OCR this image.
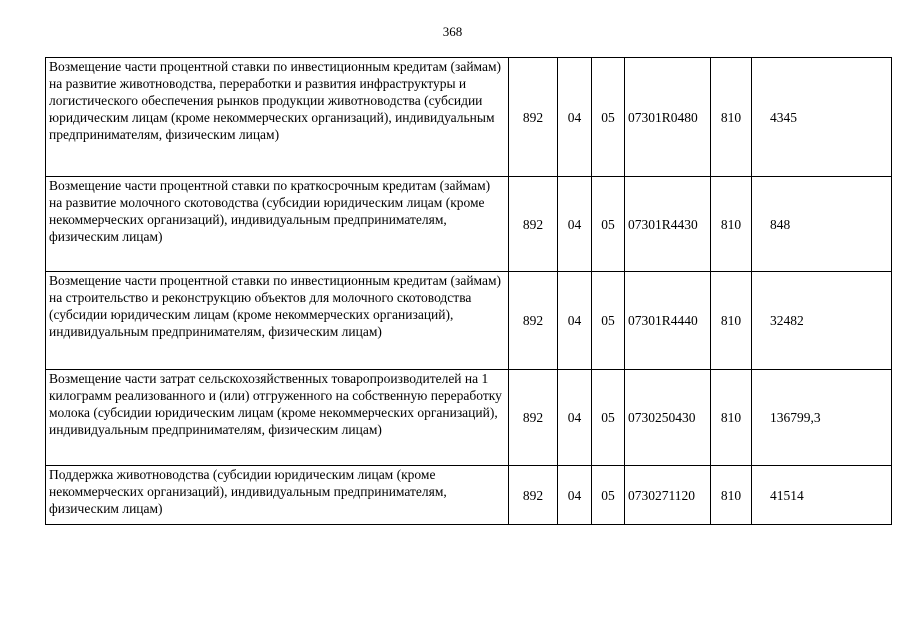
368
Возмещение части процентной ставки по инвестиционным кредитам (займам) на развитие животноводства, переработки и развития инфраструктуры и логистического обеспечения рынков продукции животноводства (субсидии юридическим лицам (кроме некоммерческих организаций), индивидуальным предпринимателям, физическим лицам)	892	04	05	07301R0480	810	4345
Возмещение части процентной ставки по краткосрочным кредитам (займам) на развитие молочного скотоводства (субсидии юридическим лицам (кроме некоммерческих организаций), индивидуальным предпринимателям, физическим лицам)	892	04	05	07301R4430	810	848
Возмещение части процентной ставки по инвестиционным кредитам (займам) на строительство и реконструкцию объектов для молочного скотоводства (субсидии юридическим лицам (кроме некоммерческих организаций), индивидуальным предпринимателям, физическим лицам)	892	04	05	07301R4440	810	32482
Возмещение части затрат сельскохозяйственных товаропроизводителей на 1 килограмм реализованного и (или) отгруженного на собственную переработку молока (субсидии юридическим лицам (кроме некоммерческих организаций), индивидуальным предпринимателям, физическим лицам)	892	04	05	0730250430	810	136799,3
Поддержка животноводства (субсидии юридическим лицам (кроме некоммерческих организаций), индивидуальным предпринимателям, физическим лицам)	892	04	05	0730271120	810	41514
